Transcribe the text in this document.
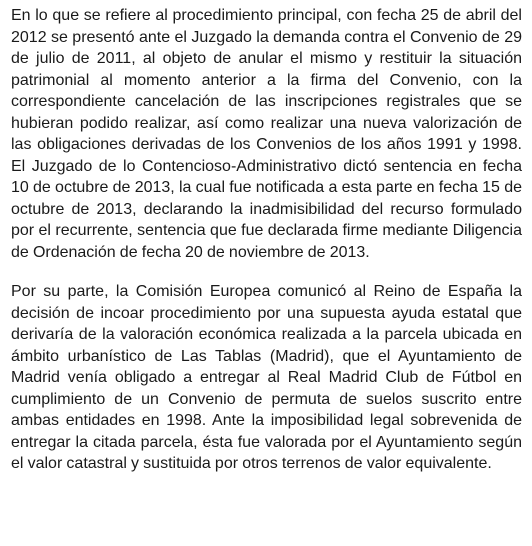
En lo que se refiere al procedimiento principal, con fecha 25 de abril del 2012 se presentó ante el Juzgado la demanda contra el Convenio de 29 de julio de 2011, al objeto de anular el mismo y restituir la situación patrimonial al momento anterior a la firma del Convenio, con la correspondiente cancelación de las inscripciones registrales que se hubieran podido realizar, así como realizar una nueva valorización de las obligaciones derivadas de los Convenios de los años 1991 y 1998. El Juzgado de lo Contencioso-Administrativo dictó sentencia en fecha 10 de octubre de 2013, la cual fue notificada a esta parte en fecha 15 de octubre de 2013, declarando la inadmisibilidad del recurso formulado por el recurrente, sentencia que fue declarada firme mediante Diligencia de Ordenación de fecha 20 de noviembre de 2013.

Por su parte, la Comisión Europea comunicó al Reino de España la decisión de incoar procedimiento por una supuesta ayuda estatal que derivaría de la valoración económica realizada a la parcela ubicada en ámbito urbanístico de Las Tablas (Madrid), que el Ayuntamiento de Madrid venía obligado a entregar al Real Madrid Club de Fútbol en cumplimiento de un Convenio de permuta de suelos suscrito entre ambas entidades en 1998. Ante la imposibilidad legal sobrevenida de entregar la citada parcela, ésta fue valorada por el Ayuntamiento según el valor catastral y sustituida por otros terrenos de valor equivalente.
